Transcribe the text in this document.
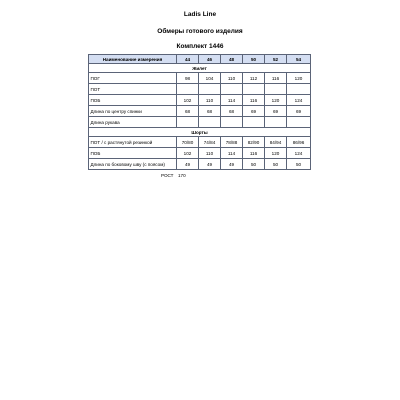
Ladis Line
Обмеры готового изделия
Комплект 1446
Наименование измерения	44	46	48	50	52	54
Жилет						
ПОГ	98	104	110	112	116	120
ПОТ						
ПОБ	102	110	114	116	120	124
Длина по центру спинки	68	68	68	69	69	69
Длина рукава						
Шорты						
ПОТ / с растянутой резинкой	70/80	74/84	78/88	82/90	84/94	86/96
ПОБ	102	110	114	116	120	124
Длина по боковому шву (с поясом)	49	49	49	50	50	50
РОСТ	170					
